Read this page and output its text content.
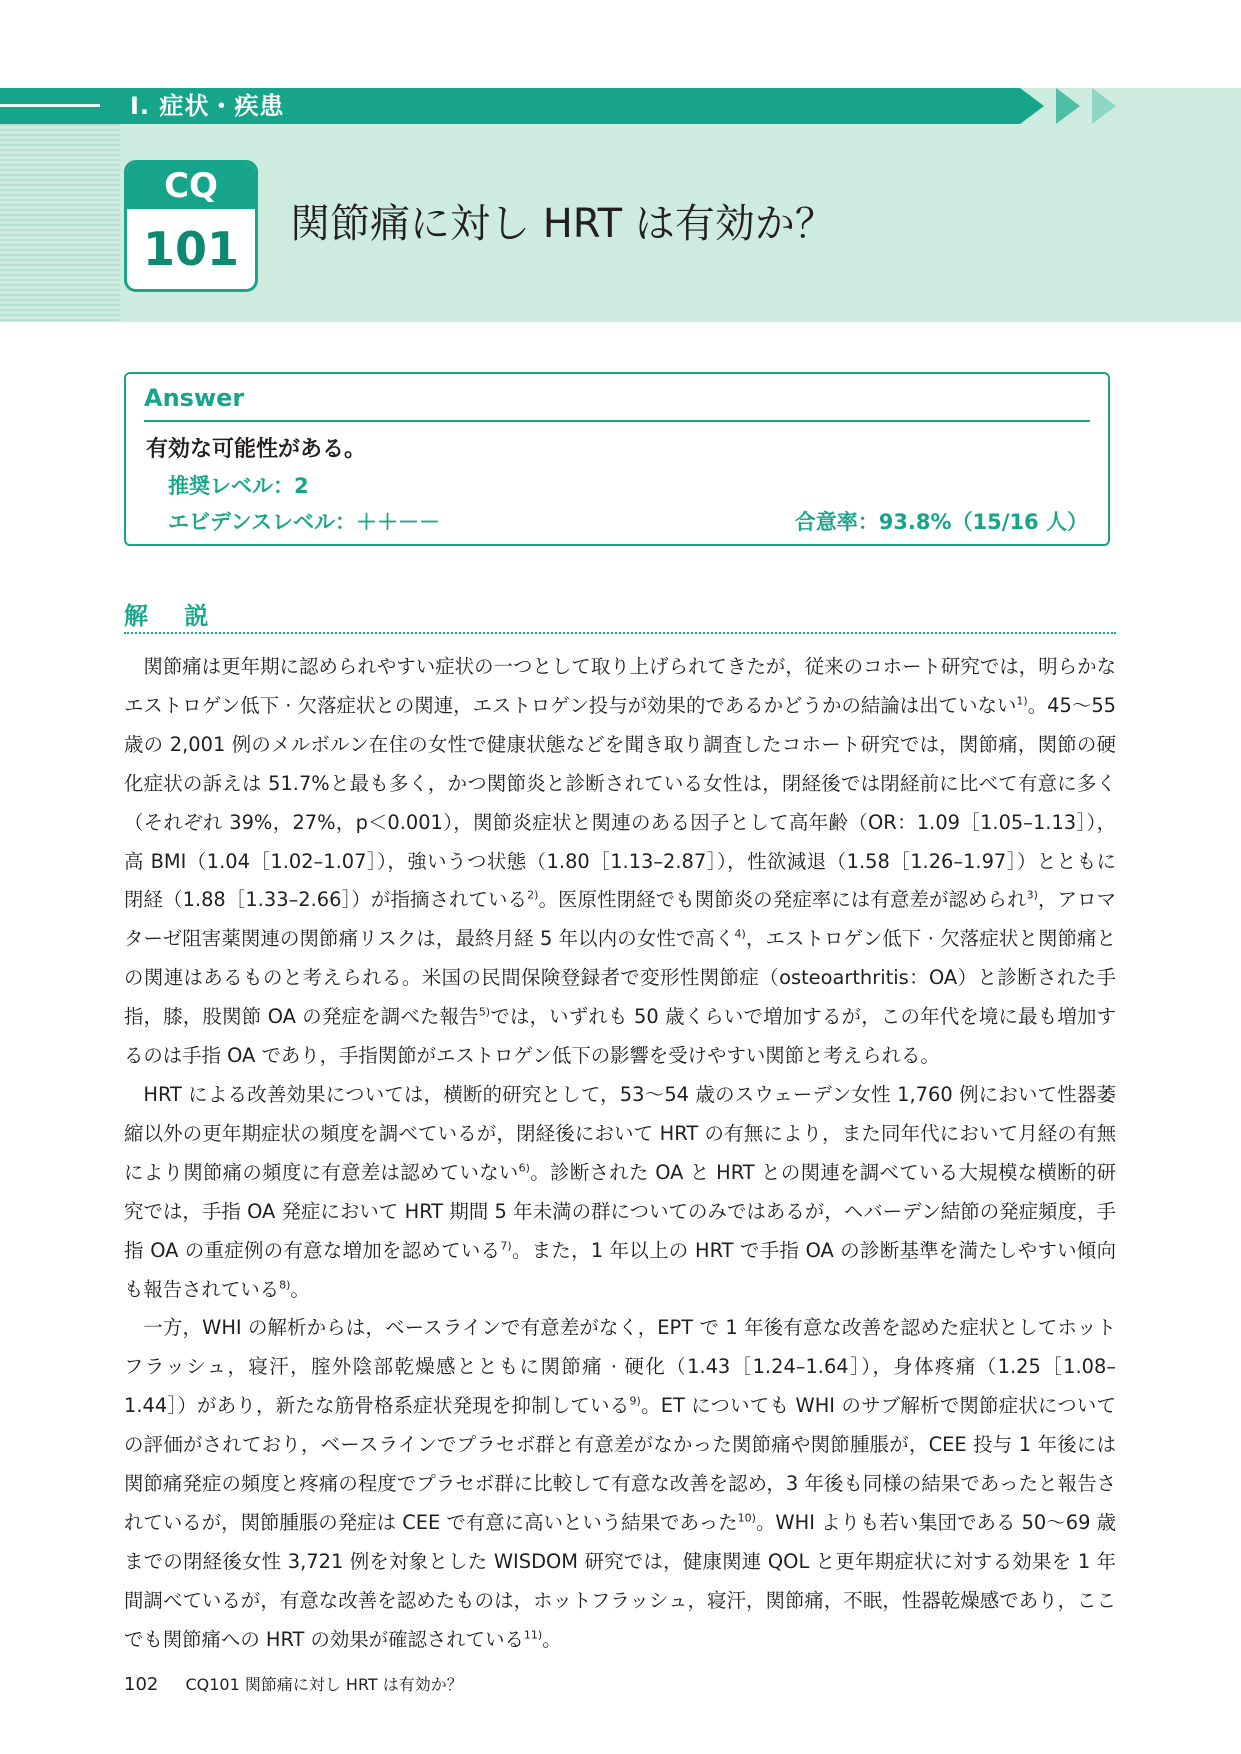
Ⅰ. 症状・疾患
CQ
101	関節痛に対し HRT は有効か？
Answer
有効な可能性がある。
推奨レベル：2
エビデンスレベル：＋＋－－	合意率：93.8%（15/16 人）
解 説

関節痛は更年期に認められやすい症状の一つとして取り上げられてきたが，従来のコホート研究では，明らかなエストロゲン低下 · 欠落症状との関連，エストロゲン投与が効果的であるかどうかの結論は出ていない$^{1)}$。45〜55 歳の 2,001 例のメルボルン在住の女性で健康状態などを聞き取り調査したコホート研究では，関節痛，関節の硬化症状の訴えは 51.7%と最も多く，かつ関節炎と診断されている女性は，閉経後では閉経前に比べて有意に多く（それぞれ 39%，27%，p＜0.001），関節炎症状と関連のある因子として高年齢（OR：1.09［1.05–1.13］），高 BMI（1.04［1.02–1.07］），強いうつ状態（1.80［1.13–2.87］），性欲減退（1.58［1.26–1.97］）とともに閉経（1.88［1.33–2.66］）が指摘されている$^{2)}$。医原性閉経でも関節炎の発症率には有意差が認められ$^{3)}$，アロマターゼ阻害薬関連の関節痛リスクは，最終月経 5 年以内の女性で高く$^{4)}$，エストロゲン低下 · 欠落症状と関節痛との関連はあるものと考えられる。米国の民間保険登録者で変形性関節症（osteoarthritis：OA）と診断された手指，膝，股関節 OA の発症を調べた報告$^{5)}$では，いずれも 50 歳くらいで増加するが，この年代を境に最も増加するのは手指 OA であり，手指関節がエストロゲン低下の影響を受けやすい関節と考えられる。

HRT による改善効果については，横断的研究として，53〜54 歳のスウェーデン女性 1,760 例において性器萎縮以外の更年期症状の頻度を調べているが，閉経後において HRT の有無により，また同年代において月経の有無により関節痛の頻度に有意差は認めていない$^{6)}$。診断された OA と HRT との関連を調べている大規模な横断的研究では，手指 OA 発症において HRT 期間 5 年未満の群についてのみではあるが，ヘバーデン結節の発症頻度，手指 OA の重症例の有意な増加を認めている$^{7)}$。また，1 年以上の HRT で手指 OA の診断基準を満たしやすい傾向も報告されている$^{8)}$。

一方，WHI の解析からは，ベースラインで有意差がなく，EPT で 1 年後有意な改善を認めた症状としてホットフラッシュ，寝汗，腟外陰部乾燥感とともに関節痛 · 硬化（1.43［1.24–1.64］），身体疼痛（1.25［1.08–1.44］）があり，新たな筋骨格系症状発現を抑制している$^{9)}$。ET についても WHI のサブ解析で関節症状についての評価がされており，ベースラインでプラセボ群と有意差がなかった関節痛や関節腫脹が，CEE 投与 1 年後には関節痛発症の頻度と疼痛の程度でプラセボ群に比較して有意な改善を認め，3 年後も同様の結果であったと報告されているが，関節腫脹の発症は CEE で有意に高いという結果であった$^{10)}$。WHI よりも若い集団である 50〜69 歳までの閉経後女性 3,721 例を対象とした WISDOM 研究では，健康関連 QOL と更年期症状に対する効果を 1 年間調べているが，有意な改善を認めたものは，ホットフラッシュ，寝汗，関節痛，不眠，性器乾燥感であり，ここでも関節痛への HRT の効果が確認されている$^{11)}$。

102 CQ101 関節痛に対し HRT は有効か？
